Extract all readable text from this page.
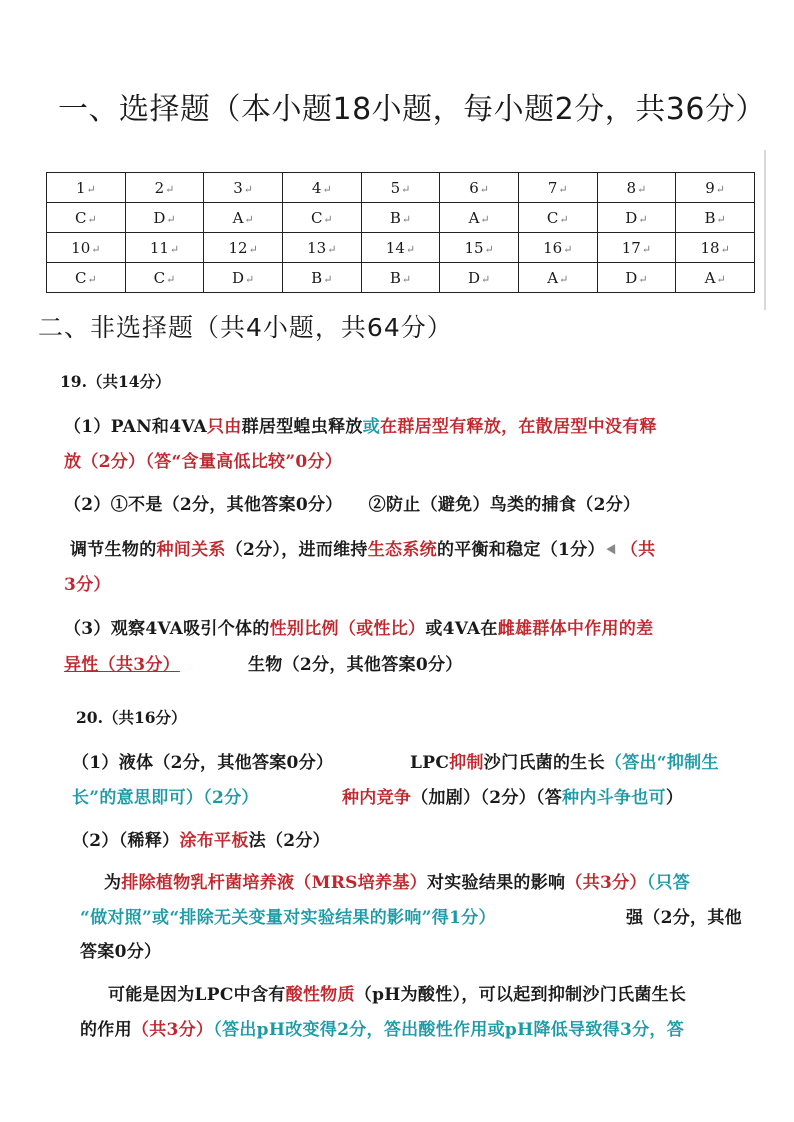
一、选择题（本小题18小题，每小题2分，共36分）
1↵	2↵	3↵	4↵	5↵	6↵	7↵	8↵	9↵
C↵	D↵	A↵	C↵	B↵	A↵	C↵	D↵	B↵
10↵	11↵	12↵	13↵	14↵	15↵	16↵	17↵	18↵
C↵	C↵	D↵	B↵	B↵	D↵	A↵	D↵	A↵
二、非选择题（共4小题，共64分）
19.（共14分）
（1）PAN和4VA只由群居型蝗虫释放或在群居型有释放，在散居型中没有释
放（2分）（答“含量高低比较”0分）
（2）①不是（2分，其他答案0分）　　②防止（避免）鸟类的捕食（2分）
调节生物的种间关系（2分），进而维持生态系统的平衡和稳定（1分） （共
3分）
（3）观察4VA吸引个体的性别比例（或性比）或4VA在雌雄群体中作用的差
异性（共3分）	生物（2分，其他答案0分）
20.（共16分）
（1）液体（2分，其他答案0分）	LPC抑制沙门氏菌的生长（答出“抑制生
长”的意思即可）（2分）	种内竞争（加剧）（2分）（答种内斗争也可）
（2）（稀释）涂布平板法（2分）
为排除植物乳杆菌培养液（MRS培养基）对实验结果的影响（共3分）（只答
“做对照”或“排除无关变量对实验结果的影响”得1分）	强（2分，其他
答案0分）
可能是因为LPC中含有酸性物质（pH为酸性），可以起到抑制沙门氏菌生长
的作用（共3分）（答出pH改变得2分，答出酸性作用或pH降低导致得3分，答
